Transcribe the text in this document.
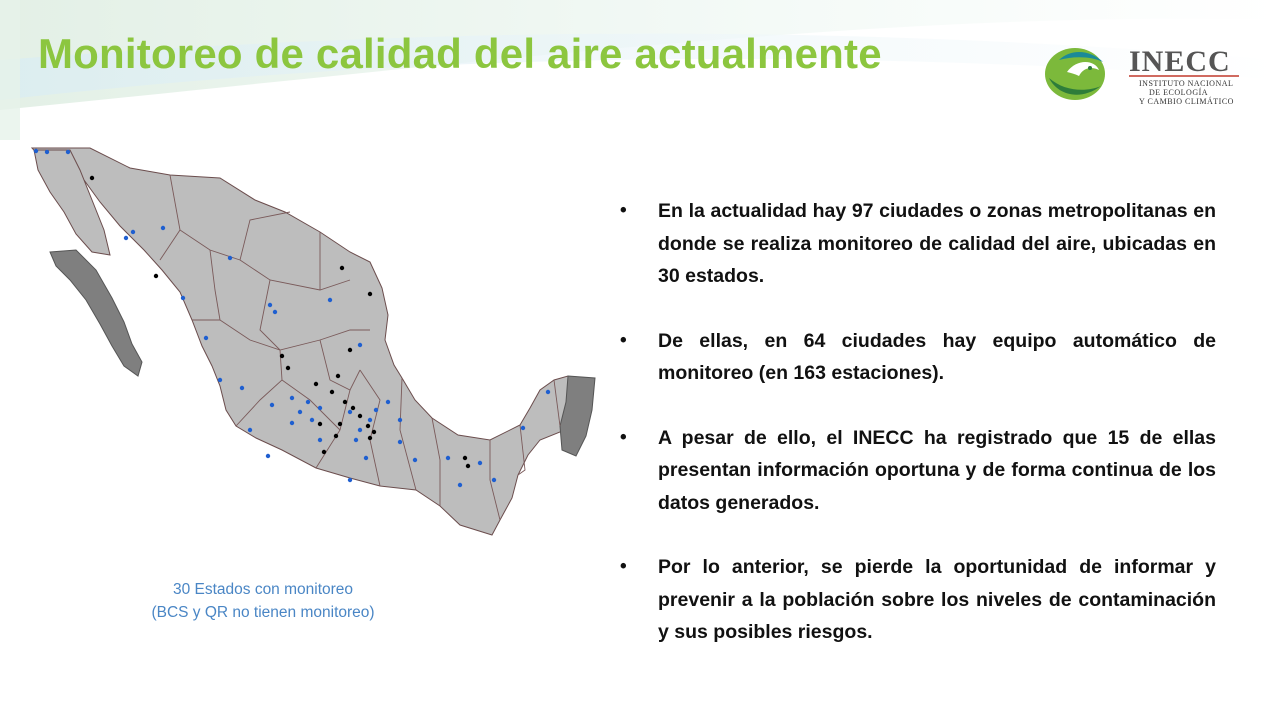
Monitoreo de calidad del aire actualmente	INECC
INSTITUTO NACIONAL
DE ECOLOGÍA
Y CAMBIO CLIMÁTICO
30 Estados con monitoreo
(BCS y QR no tienen monitoreo)
• En la actualidad hay 97 ciudades o zonas metropolitanas en donde se realiza monitoreo de calidad del aire, ubicadas en 30 estados.
• De ellas, en 64 ciudades hay equipo automático de monitoreo (en 163 estaciones).
• A pesar de ello, el INECC ha registrado que 15 de ellas presentan información oportuna y de forma continua de los datos generados.
• Por lo anterior, se pierde la oportunidad de informar y prevenir a la población sobre los niveles de contaminación y sus posibles riesgos.
